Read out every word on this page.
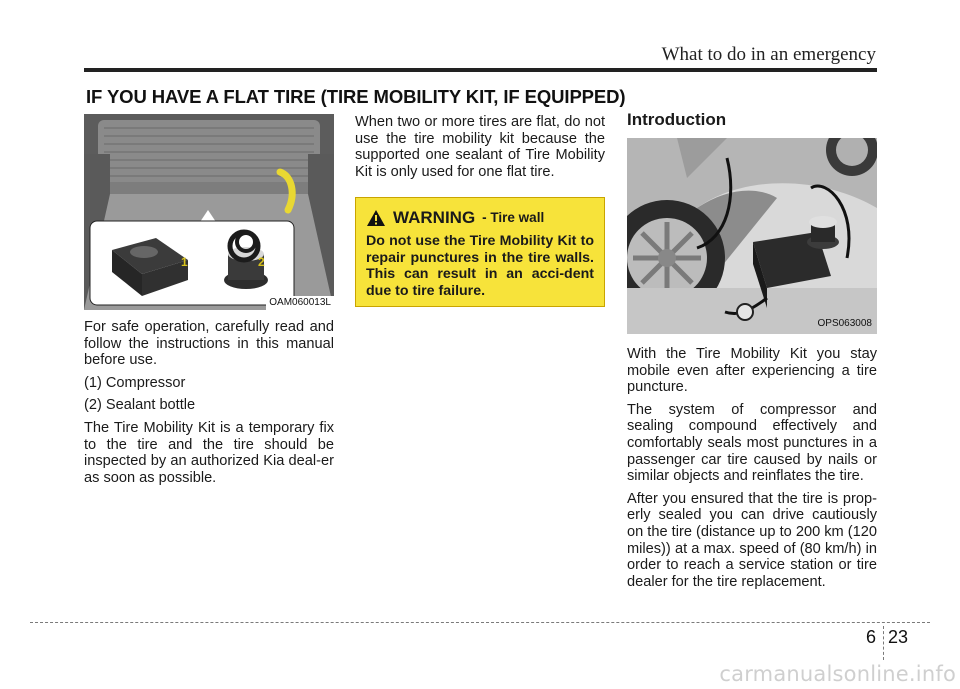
What to do in an emergency
IF YOU HAVE A FLAT TIRE (TIRE MOBILITY KIT, IF EQUIPPED)
1	2
OAM060013L

For safe operation, carefully read and follow the instructions in this manual before use.

(1) Compressor

(2) Sealant bottle

The Tire Mobility Kit is a temporary fix to the tire and the tire should be inspected by an authorized Kia deal-er as soon as possible.

When two or more tires are flat, do not use the tire mobility kit because the supported one sealant of Tire Mobility Kit is only used for one flat tire.

WARNING - Tire wall
Do not use the Tire Mobility Kit to repair punctures in the tire walls. This can result in an acci-dent due to tire failure.
Introduction
OPS063008

With the Tire Mobility Kit you stay mobile even after experiencing a tire puncture.

The system of compressor and sealing compound effectively and comfortably seals most punctures in a passenger car tire caused by nails or similar objects and reinflates the tire.

After you ensured that the tire is prop-erly sealed you can drive cautiously on the tire (distance up to 200 km (120 miles)) at a max. speed of (80 km/h) in order to reach a service station or tire dealer for the tire replacement.

6 23
carmanualsonline.info
